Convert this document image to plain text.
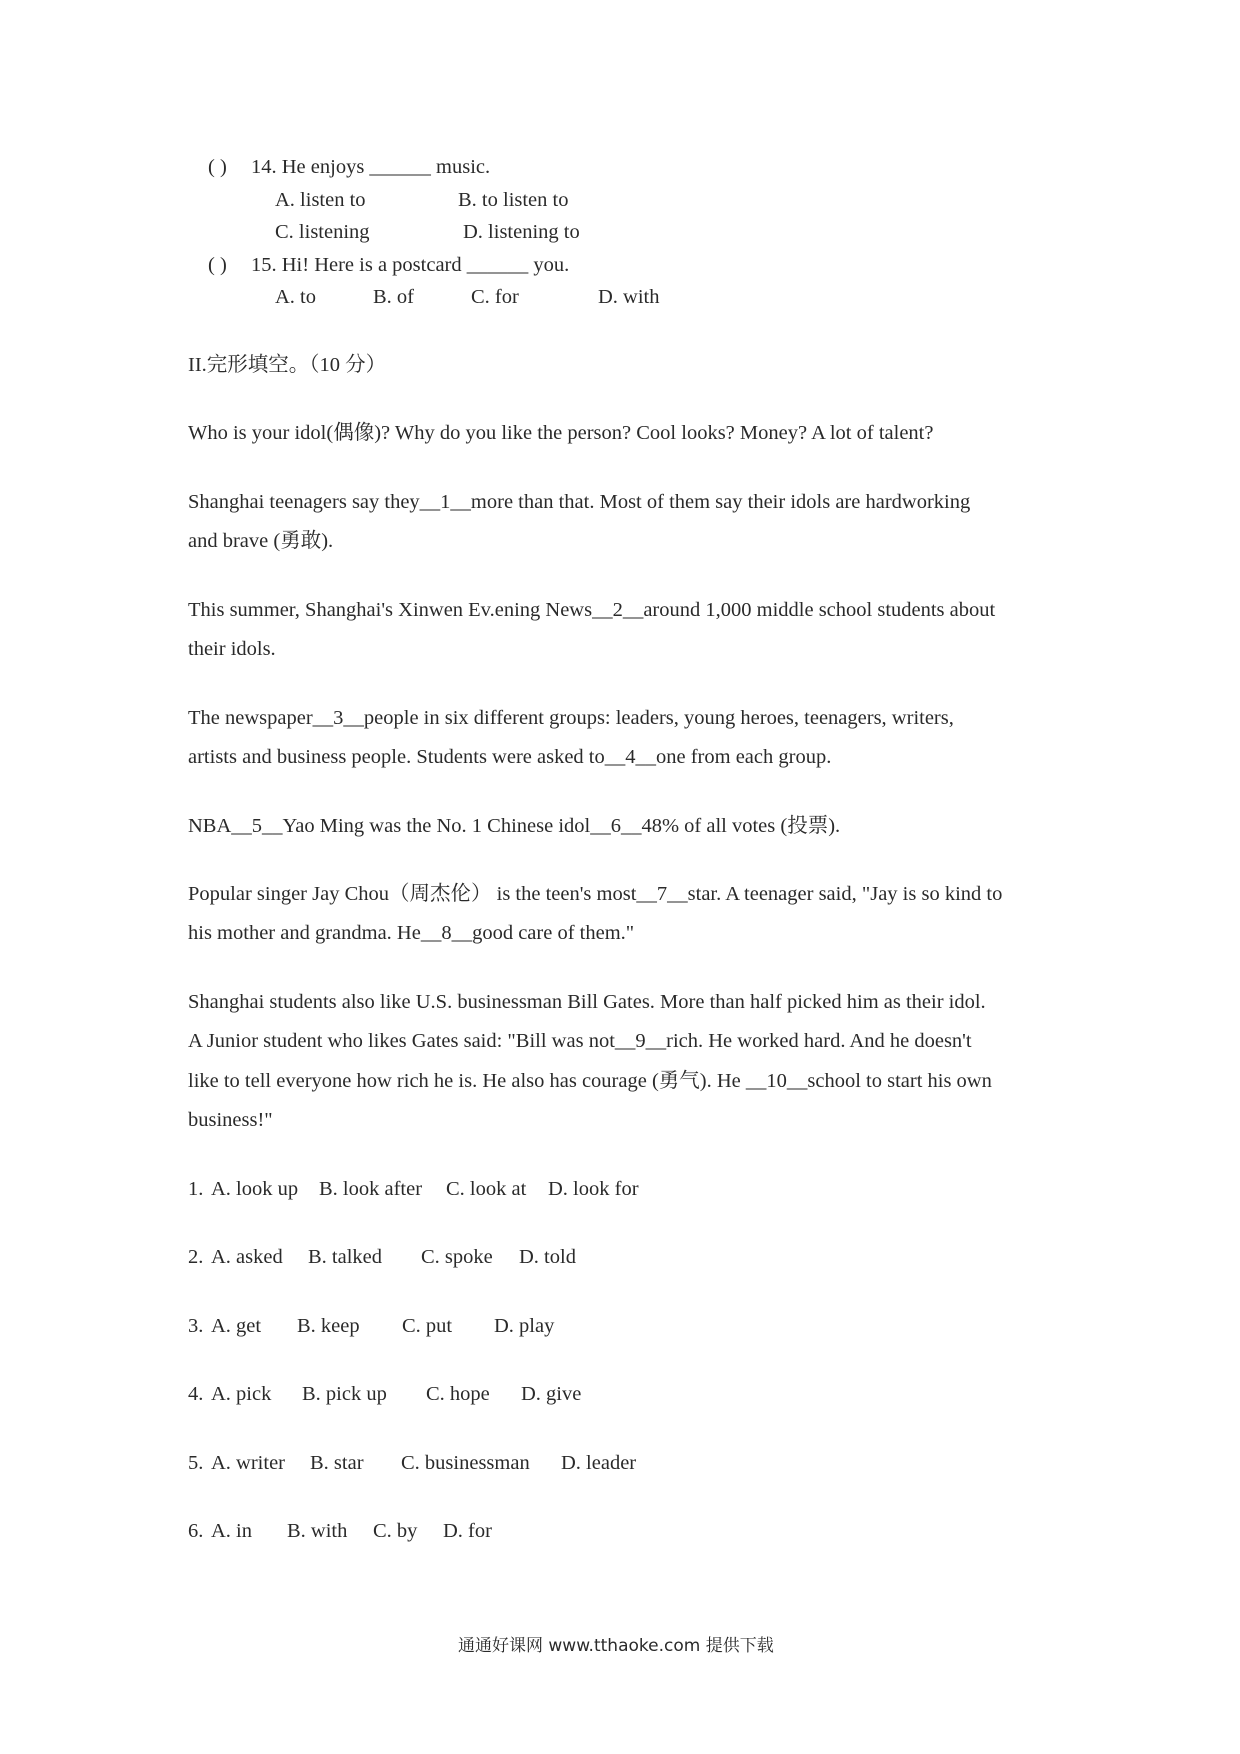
( ) 14. He enjoys ______ music.
A. listen to	B. to listen to
C. listening	D. listening to
( ) 15. Hi! Here is a postcard ______ you.
A. to	B. of	C. for	D. with
II.完形填空。（10 分）
Who is your idol(偶像)? Why do you like the person? Cool looks? Money? A lot of talent?
Shanghai teenagers say they__1__more than that. Most of them say their idols are hardworking
and brave (勇敢).
This summer, Shanghai's Xinwen Ev.ening News__2__around 1,000 middle school students about
their idols.
The newspaper__3__people in six different groups: leaders, young heroes, teenagers, writers,
artists and business people. Students were asked to__4__one from each group.
NBA__5__Yao Ming was the No. 1 Chinese idol__6__48% of all votes (投票).
Popular singer Jay Chou（周杰伦） is the teen's most__7__star. A teenager said, "Jay is so kind to
his mother and grandma. He__8__good care of them."
Shanghai students also like U.S. businessman Bill Gates. More than half picked him as their idol.
A Junior student who likes Gates said: "Bill was not__9__rich. He worked hard. And he doesn't
like to tell everyone how rich he is. He also has courage (勇气). He __10__school to start his own
business!"
1. A. look up B. look after C. look at D. look for
2. A. asked B. talked C. spoke D. told
3. A. get B. keep C. put D. play
4. A. pick B. pick up C. hope D. give
5. A. writer B. star C. businessman D. leader
6. A. in B. with C. by D. for
通通好课网 www.tthaoke.com 提供下载
